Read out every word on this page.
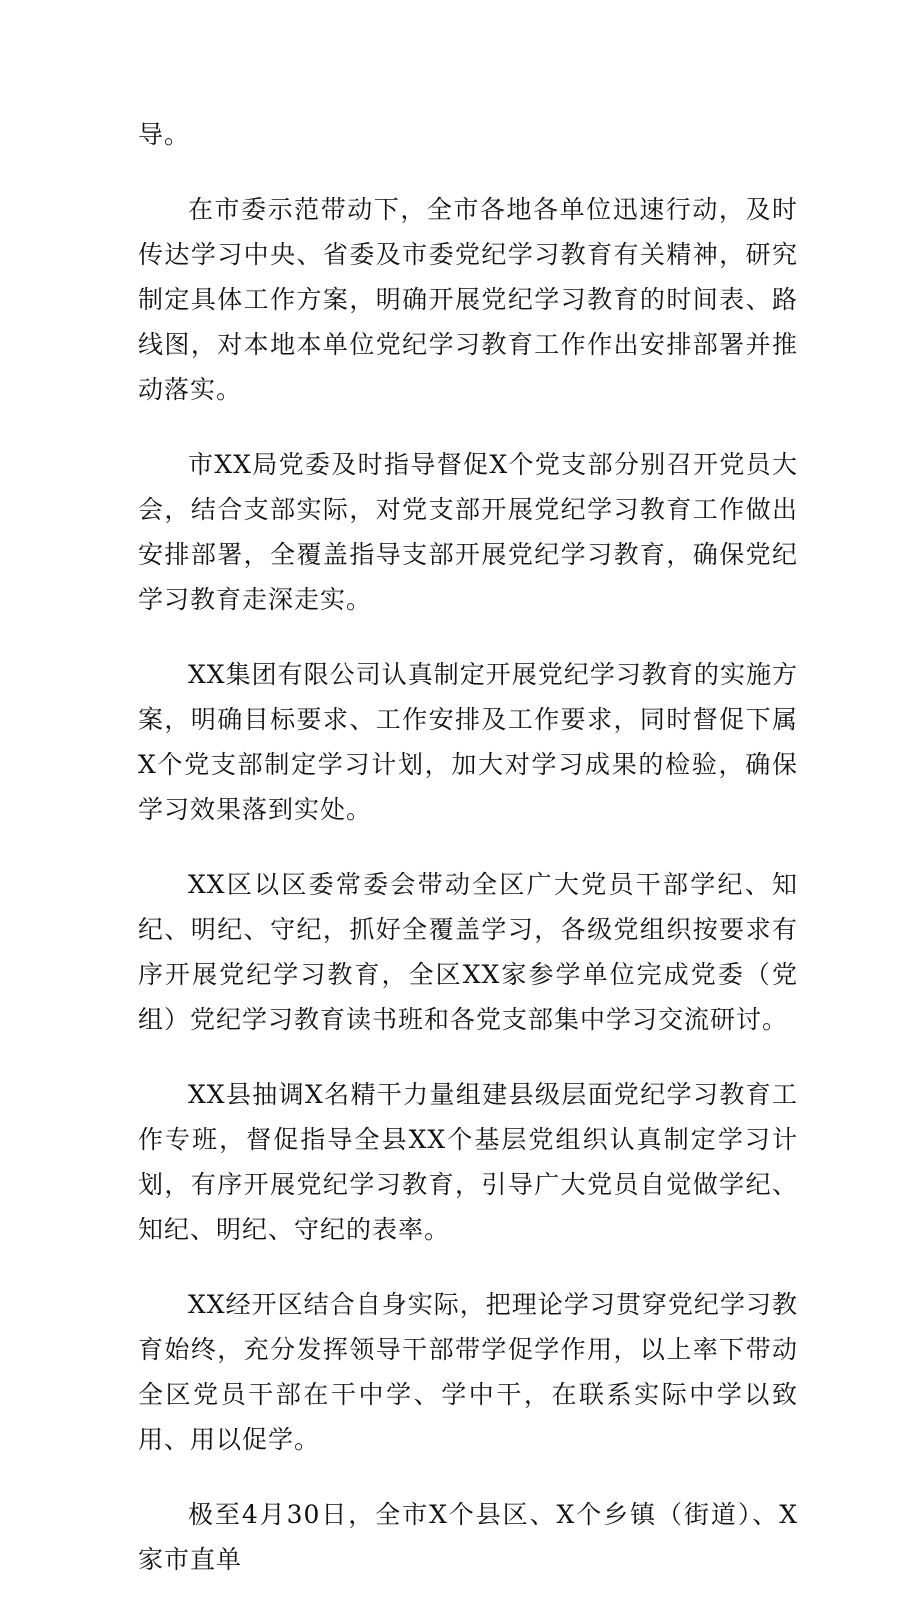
导。

在市委示范带动下，全市各地各单位迅速行动，及时传达学习中央、省委及市委党纪学习教育有关精神，研究制定具体工作方案，明确开展党纪学习教育的时间表、路线图，对本地本单位党纪学习教育工作作出安排部署并推动落实。

市XX局党委及时指导督促X个党支部分别召开党员大会，结合支部实际，对党支部开展党纪学习教育工作做出安排部署，全覆盖指导支部开展党纪学习教育，确保党纪学习教育走深走实。

XX集团有限公司认真制定开展党纪学习教育的实施方案，明确目标要求、工作安排及工作要求，同时督促下属X个党支部制定学习计划，加大对学习成果的检验，确保学习效果落到实处。

XX区以区委常委会带动全区广大党员干部学纪、知纪、明纪、守纪，抓好全覆盖学习，各级党组织按要求有序开展党纪学习教育，全区XX家参学单位完成党委（党组）党纪学习教育读书班和各党支部集中学习交流研讨。

XX县抽调X名精干力量组建县级层面党纪学习教育工作专班，督促指导全县XX个基层党组织认真制定学习计划，有序开展党纪学习教育，引导广大党员自觉做学纪、知纪、明纪、守纪的表率。

XX经开区结合自身实际，把理论学习贯穿党纪学习教育始终，充分发挥领导干部带学促学作用，以上率下带动全区党员干部在干中学、学中干，在联系实际中学以致用、用以促学。

极至4月30日，全市X个县区、X个乡镇（街道）、X家市直单
